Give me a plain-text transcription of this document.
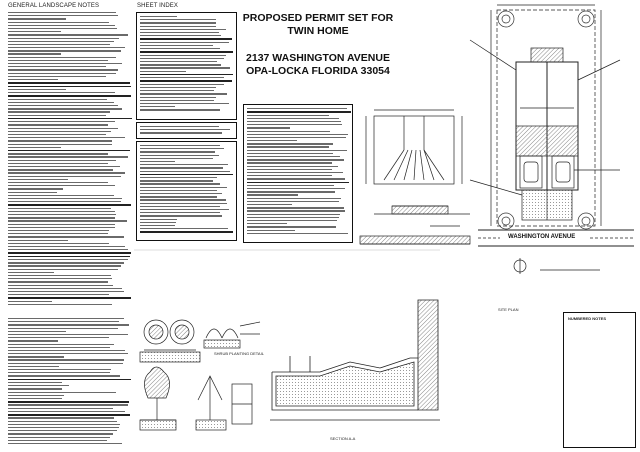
GENERAL LANDSCAPE NOTES	SHEET INDEX
PROPOSED PERMIT SET FOR
TWIN HOME
2137 WASHINGTON AVENUE
OPA-LOCKA FLORIDA 33054
NUMBERED NOTES
WASHINGTON AVENUE
SITE PLAN
SHRUB PLANTING DETAIL
SECTION A-A
